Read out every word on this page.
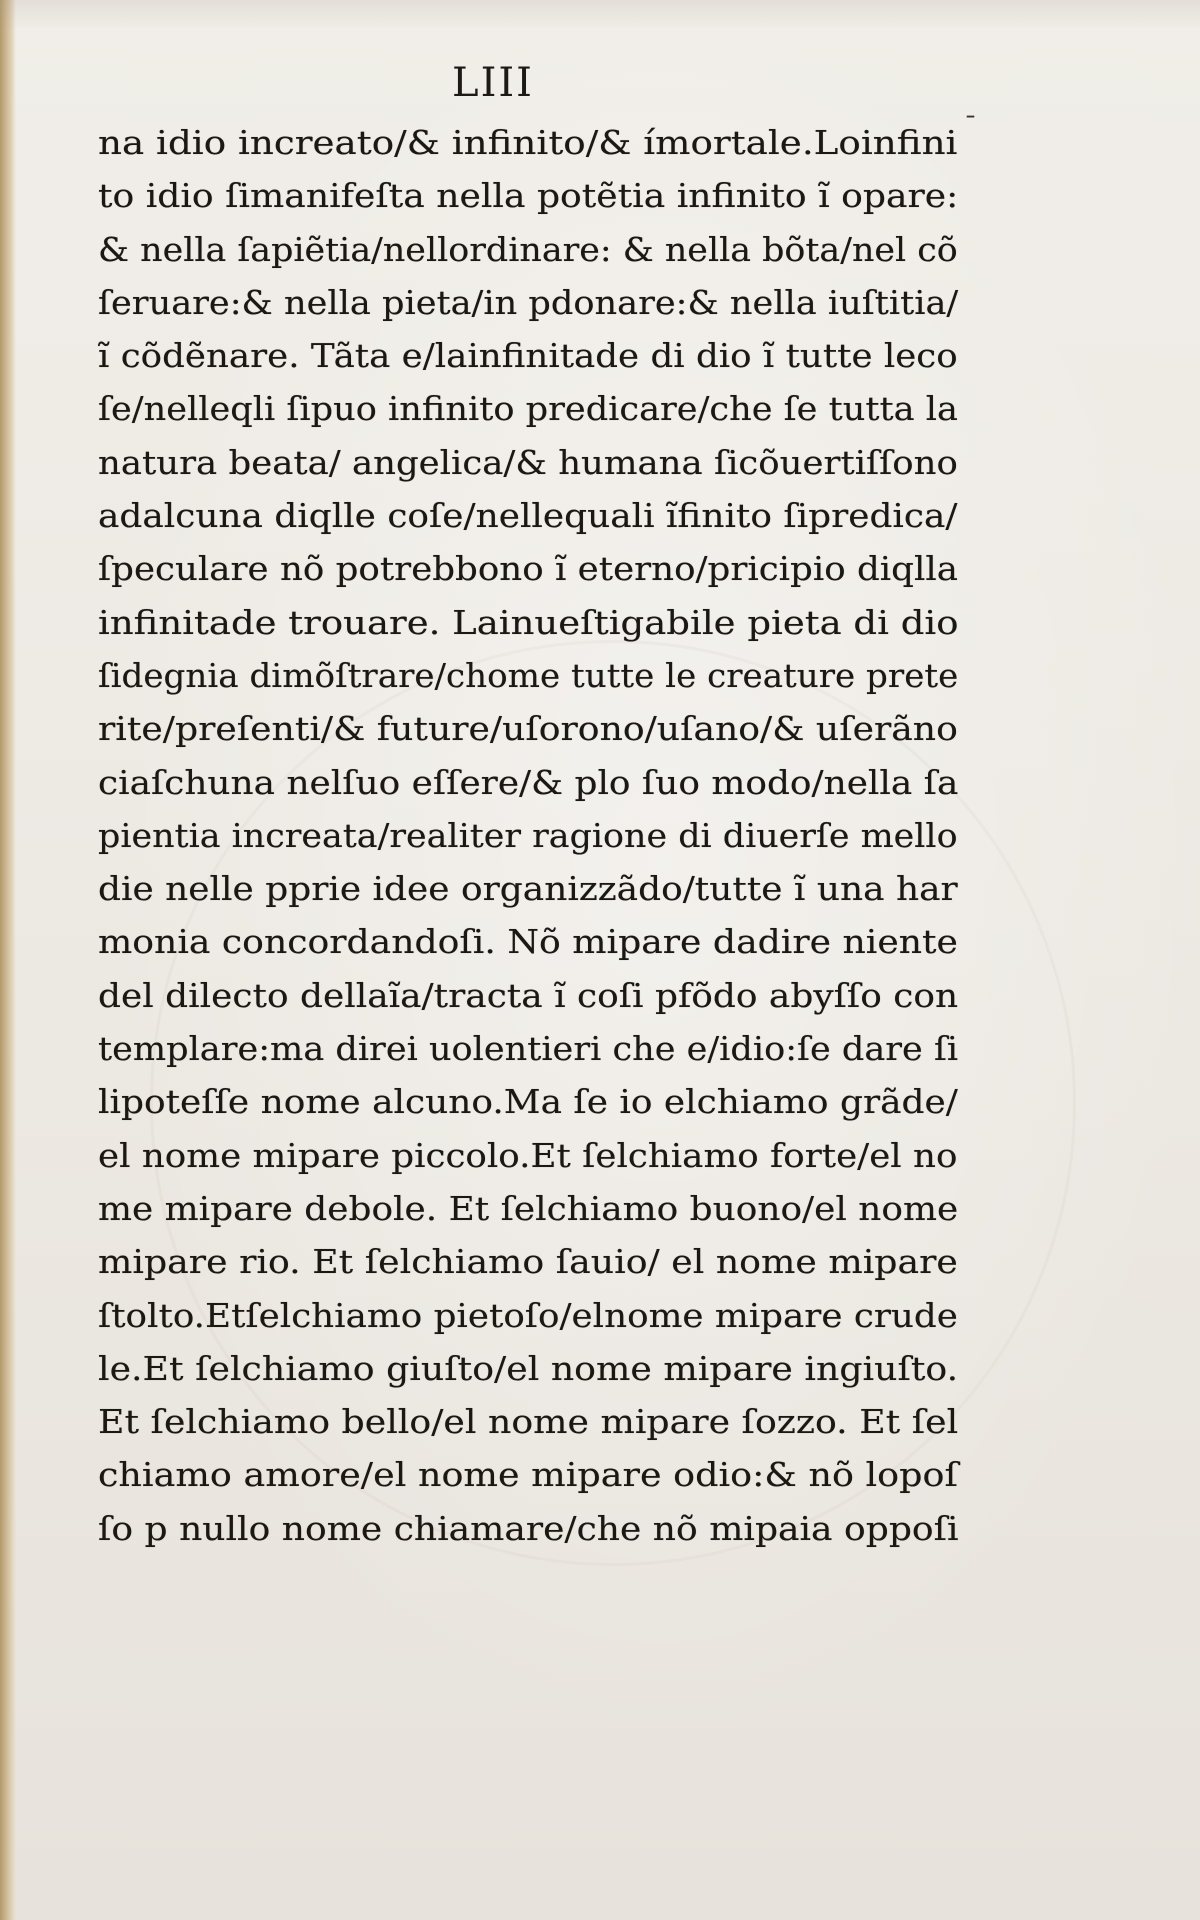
LIII
na idio increato/& infinito/& ímortale.Loinfini
to idio ſimanifeſta nella potẽtia infinito ĩ opare:
& nella ſapiẽtia/nellordinare: & nella bõta/nel cõ
ſeruare:& nella pieta/in pdonare:& nella iuſtitia/
ĩ cõdẽnare. Tãta e/lainfinitade di dio ĩ tutte leco
ſe/nelleqli ſipuo infinito predicare/che ſe tutta la
natura beata/ angelica/& humana ſicõuertiſſono
adalcuna diqlle coſe/nellequali ĩfinito ſipredica/
ſpeculare nõ potrebbono ĩ eterno/pricipio diqlla
infinitade trouare. Lainueſtigabile pieta di dio
ſidegnia dimõſtrare/chome tutte le creature prete
rite/preſenti/& future/uſorono/uſano/& uſerãno
ciaſchuna nelſuo eſſere/& plo ſuo modo/nella ſa
pientia increata/realiter ragione di diuerſe mello
die nelle pprie idee organizzãdo/tutte ĩ una har
monia concordandoſi. Nõ mipare dadire niente
del dilecto dellaĩa/tracta ĩ coſi pfõdo abyſſo con
templare:ma direi uolentieri che e/idio:ſe dare ſi
lipoteſſe nome alcuno.Ma ſe io elchiamo grãde/
el nome mipare piccolo.Et ſelchiamo forte/el no
me mipare debole. Et ſelchiamo buono/el nome
mipare rio. Et ſelchiamo ſauio/ el nome mipare
ſtolto.Etſelchiamo pietoſo/elnome mipare crude
le.Et ſelchiamo giuſto/el nome mipare ingiuſto.
Et ſelchiamo bello/el nome mipare ſozzo. Et ſel
chiamo amore/el nome mipare odio:& nõ lopoſ
ſo p nullo nome chiamare/che nõ mipaia oppoſi
ˉ
